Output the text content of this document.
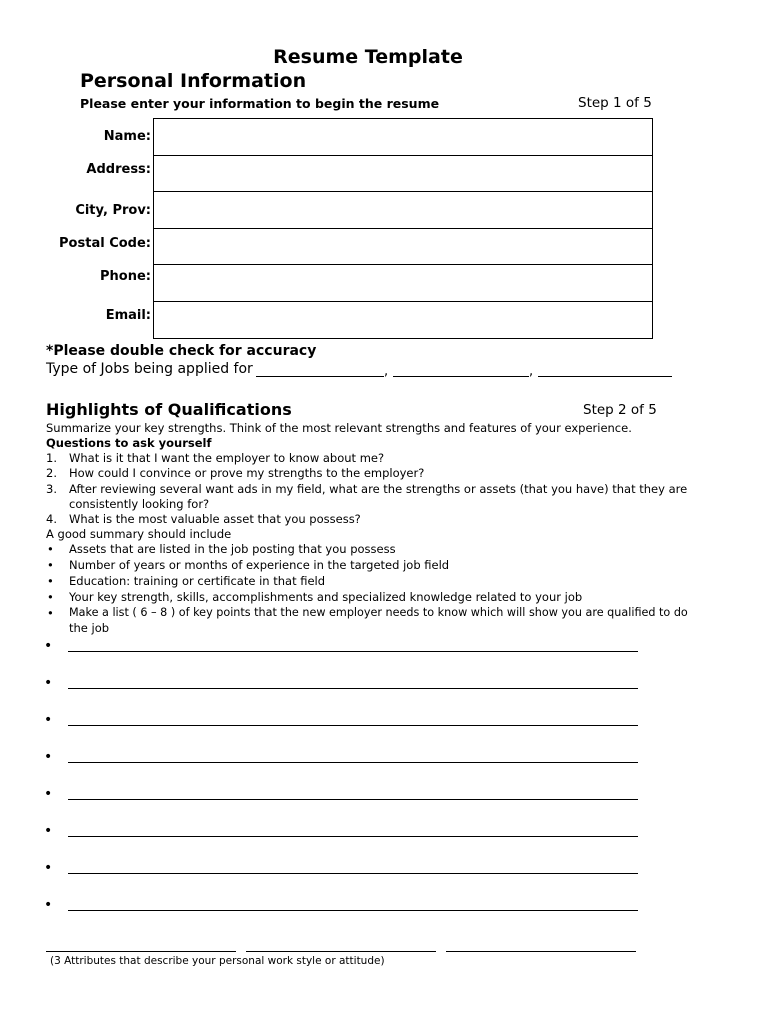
Resume Template
Personal Information
Please enter your information to begin the resume	Step 1 of 5
Name:
Address:
City, Prov:
Postal Code:
Phone:
Email:
*Please double check for accuracy
Type of Jobs being applied for	,	,
Highlights of Qualifications	Step 2 of 5
Summarize your key strengths. Think of the most relevant strengths and features of your experience.
Questions to ask yourself
1. What is it that I want the employer to know about me?
2. How could I convince or prove my strengths to the employer?
3. After reviewing several want ads in my field, what are the strengths or assets (that you have) that they are
consistently looking for?
4. What is the most valuable asset that you possess?
A good summary should include
• Assets that are listed in the job posting that you possess
• Number of years or months of experience in the targeted job field
• Education: training or certificate in that field
• Your key strength, skills, accomplishments and specialized knowledge related to your job
• Make a list ( 6 – 8 ) of key points that the new employer needs to know which will show you are qualified to do
the job
•
•
•
•
•
•
•
•
(3 Attributes that describe your personal work style or attitude)
